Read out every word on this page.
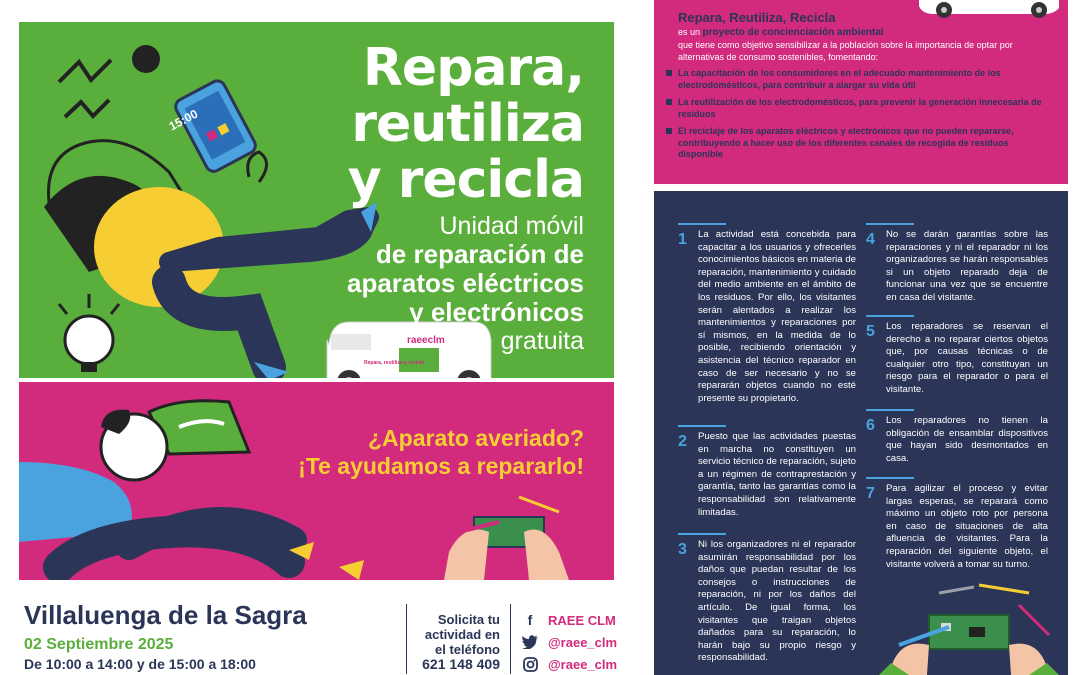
15:00
raeeclm
Repara, reutiliza y recicla
Repara,
reutiliza
y recicla
Unidad móvil
de reparación de
aparatos eléctricos
y electrónicos
gratuita
¿Aparato averiado?
¡Te ayudamos a repararlo!
Villaluenga de la Sagra
02 Septiembre 2025
De 10:00 a 14:00 y de 15:00 a 18:00
Solicita tu
actividad en
el teléfono
621 148 409
f	RAEE CLM
@raee_clm
@raee_clm
Repara, Reutiliza, Recicla
es un proyecto de concienciación ambiental
que tiene como objetivo sensibilizar a la población sobre la importancia de optar por alternativas de consumo sostenibles, fomentando:
La capacitación de los consumidores en el adecuado mantenimiento de los electrodomésticos, para contribuir a alargar su vida útil
La reutilización de los electrodomésticos, para prevenir la generación innecesaria de residuos
El reciclaje de los aparatos eléctricos y electrónicos que no pueden repararse, contribuyendo a hacer uso de los diferentes canales de recogida de residuos disponible
1 La actividad está concebida para capacitar a los usuarios y ofrecerles conocimientos básicos en materia de reparación, mantenimiento y cuidado del medio ambiente en el ámbito de los residuos. Por ello, los visitantes serán alentados a realizar los mantenimientos y reparaciones por sí mismos, en la medida de lo posible, recibiendo orientación y asistencia del técnico reparador en caso de ser necesario y no se repararán objetos cuando no esté presente su propietario.
2 Puesto que las actividades puestas en marcha no constituyen un servicio técnico de reparación, sujeto a un régimen de contraprestación y garantía, tanto las garantías como la responsabilidad son relativamente limitadas.
3 Ni los organizadores ni el reparador asumirán responsabilidad por los daños que puedan resultar de los consejos o instrucciones de reparación, ni por los daños del artículo. De igual forma, los visitantes que traigan objetos dañados para su reparación, lo harán bajo su propio riesgo y responsabilidad.
4 No se darán garantías sobre las reparaciones y ni el reparador ni los organizadores se harán responsables si un objeto reparado deja de funcionar una vez que se encuentre en casa del visitante.
5 Los reparadores se reservan el derecho a no reparar ciertos objetos que, por causas técnicas o de cualquier otro tipo, constituyan un riesgo para el reparador o para el visitante.
6 Los reparadores no tienen la obligación de ensamblar dispositivos que hayan sido desmontados en casa.
7 Para agilizar el proceso y evitar largas esperas, se reparará como máximo un objeto roto por persona en caso de situaciones de alta afluencia de visitantes. Para la reparación del siguiente objeto, el visitante volverá a tomar su turno.
